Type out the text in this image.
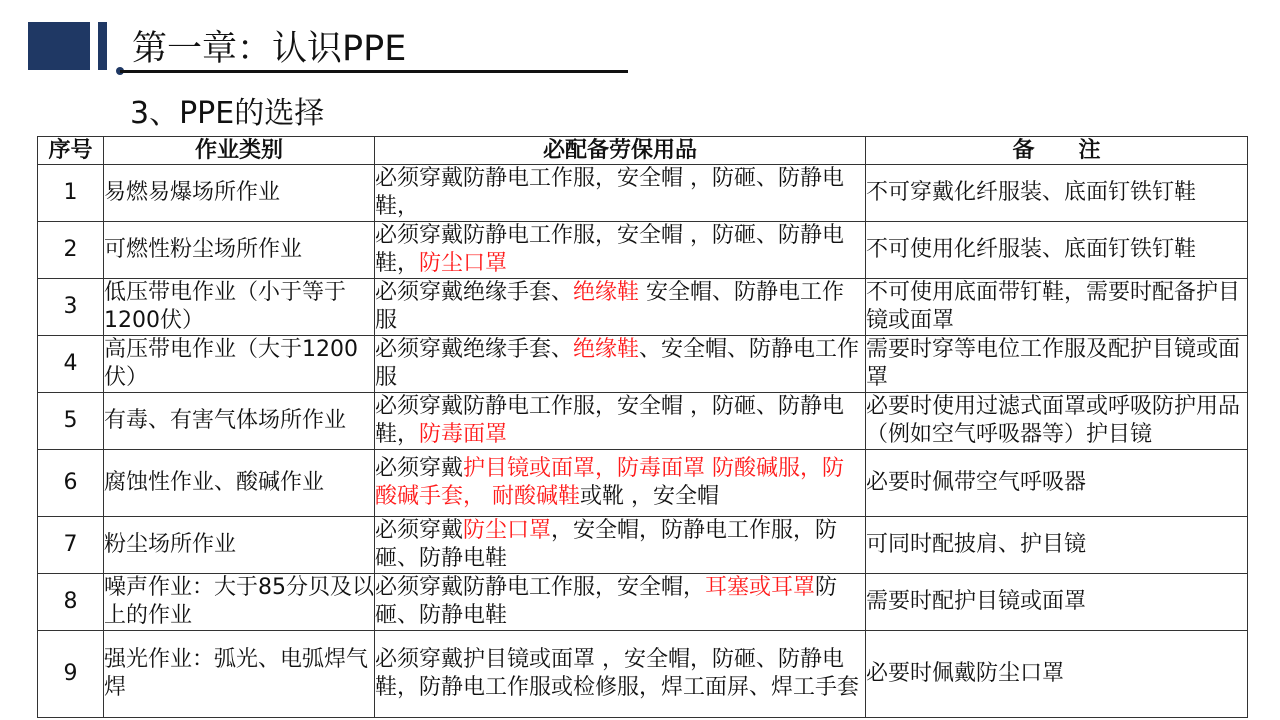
第一章：认识PPE
3、PPE的选择
序号	作业类别	必配备劳保用品	备　　注
1	易燃易爆场所作业	必须穿戴防静电工作服，安全帽 ，防砸、防静电鞋，	不可穿戴化纤服装、底面钉铁钉鞋
2	可燃性粉尘场所作业	必须穿戴防静电工作服，安全帽 ，防砸、防静电鞋，防尘口罩	不可使用化纤服装、底面钉铁钉鞋
3	低压带电作业（小于等于1200伏）	必须穿戴绝缘手套、绝缘鞋 安全帽、防静电工作服	不可使用底面带钉鞋，需要时配备护目镜或面罩
4	高压带电作业（大于1200伏）	必须穿戴绝缘手套、绝缘鞋、安全帽、防静电工作服	需要时穿等电位工作服及配护目镜或面罩
5	有毒、有害气体场所作业	必须穿戴防静电工作服，安全帽 ，防砸、防静电鞋，防毒面罩	必要时使用过滤式面罩或呼吸防护用品（例如空气呼吸器等）护目镜
6	腐蚀性作业、酸碱作业	必须穿戴护目镜或面罩，防毒面罩 防酸碱服，防酸碱手套， 耐酸碱鞋或靴 ，安全帽	必要时佩带空气呼吸器
7	粉尘场所作业	必须穿戴防尘口罩，安全帽，防静电工作服，防砸、防静电鞋	可同时配披肩、护目镜
8	噪声作业：大于85分贝及以上的作业	必须穿戴防静电工作服，安全帽，耳塞或耳罩防砸、防静电鞋	需要时配护目镜或面罩
9	强光作业：弧光、电弧焊气焊	必须穿戴护目镜或面罩 ，安全帽，防砸、防静电鞋，防静电工作服或检修服，焊工面屏、焊工手套	必要时佩戴防尘口罩
